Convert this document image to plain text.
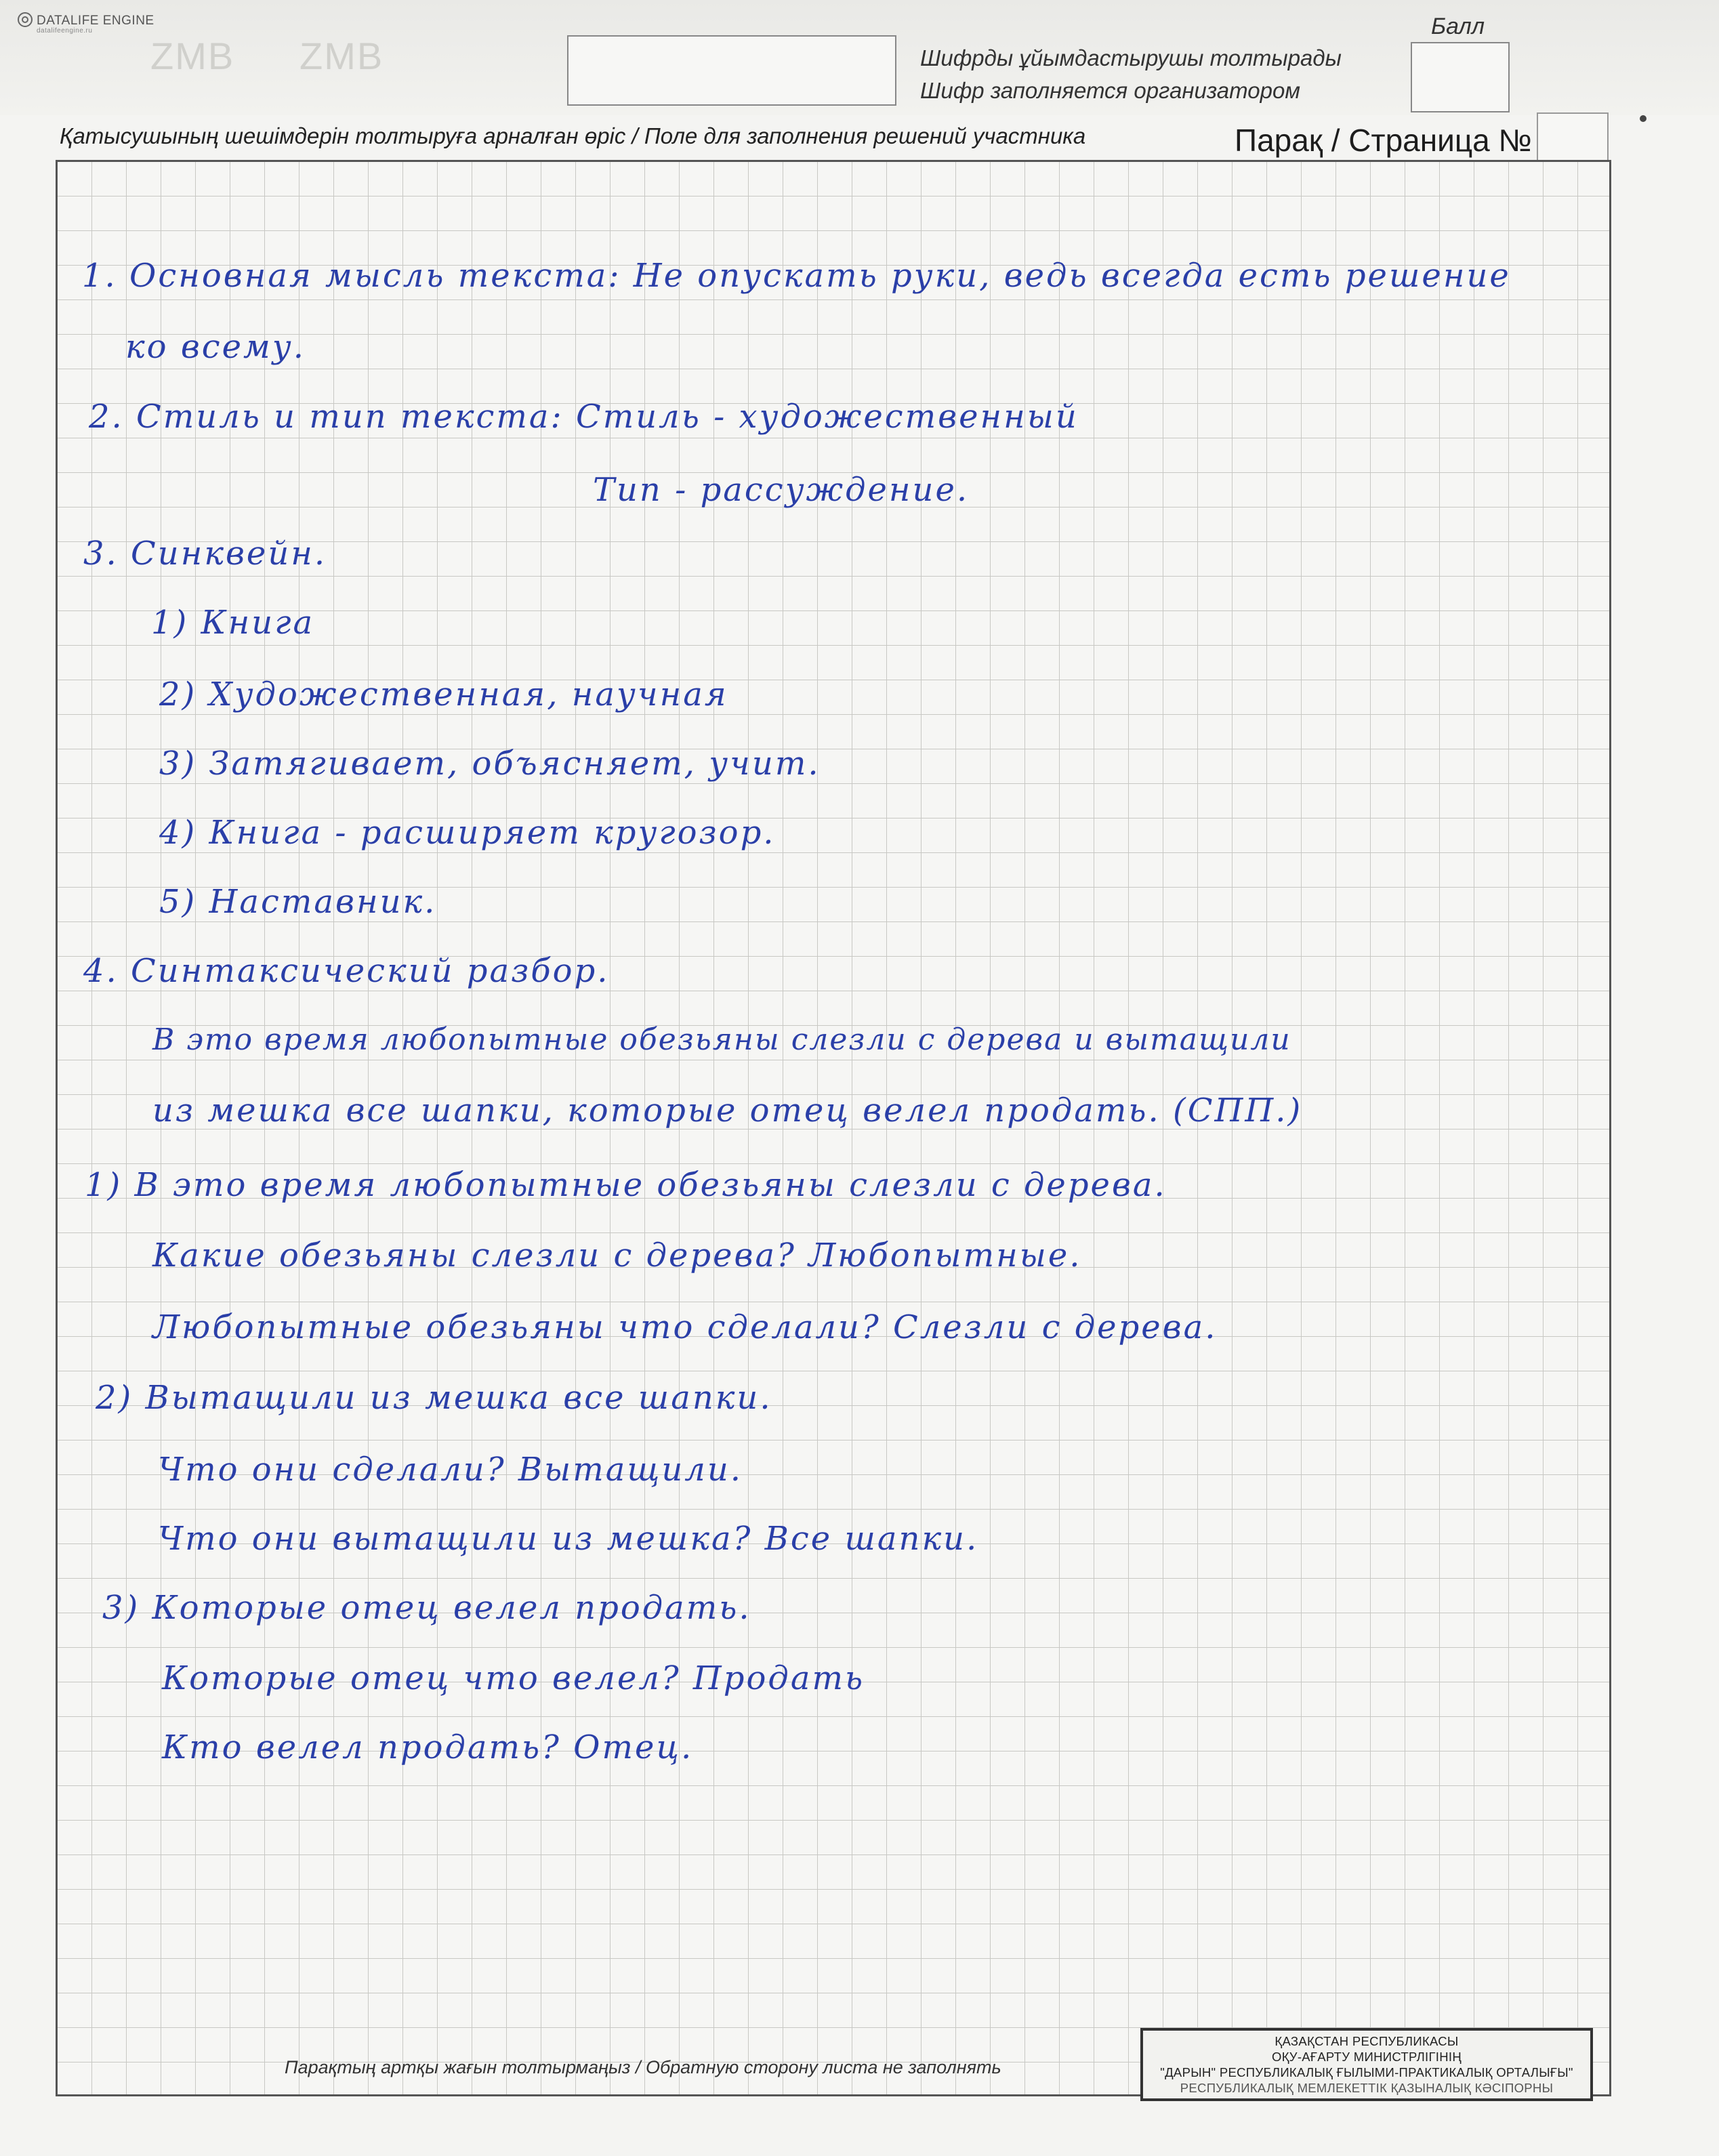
DATALIFE ENGINE
datalifeengine.ru
ZMB ZMB	Шифрды ұйымдастырушы толтырады
Шифр заполняется организатором
Балл
Қатысушының шешімдерін толтыруға арналған өріс / Поле для заполнения решений участника	Парақ / Страница №
1. Основная мысль текста: Не опускать руки, ведь всегда есть решение
ко всему.
2. Стиль и тип текста: Стиль - художественный
Тип - рассуждение.
3. Синквейн.
1) Книга
2) Художественная, научная
3) Затягивает, объясняет, учит.
4) Книга - расширяет кругозор.
5) Наставник.
4. Синтаксический разбор.
В это время любопытные обезьяны слезли с дерева и вытащили
из мешка все шапки, которые отец велел продать. (СПП.)
1) В это время любопытные обезьяны слезли с дерева.
Какие обезьяны слезли с дерева? Любопытные.
Любопытные обезьяны что сделали? Слезли с дерева.
2) Вытащили из мешка все шапки.
Что они сделали? Вытащили.
Что они вытащили из мешка? Все шапки.
3) Которые отец велел продать.
Которые отец что велел? Продать
Кто велел продать? Отец.
Парақтың артқы жағын толтырмаңыз / Обратную сторону листа не заполнять
ҚАЗАҚСТАН РЕСПУБЛИКАСЫ
ОҚУ-АҒАРТУ МИНИСТРЛІГІНІҢ
"ДАРЫН" РЕСПУБЛИКАЛЫҚ ҒЫЛЫМИ-ПРАКТИКАЛЫҚ ОРТАЛЫҒЫ"
РЕСПУБЛИКАЛЫҚ МЕМЛЕКЕТТІК ҚАЗЫНАЛЫҚ КӘСІПОРНЫ
